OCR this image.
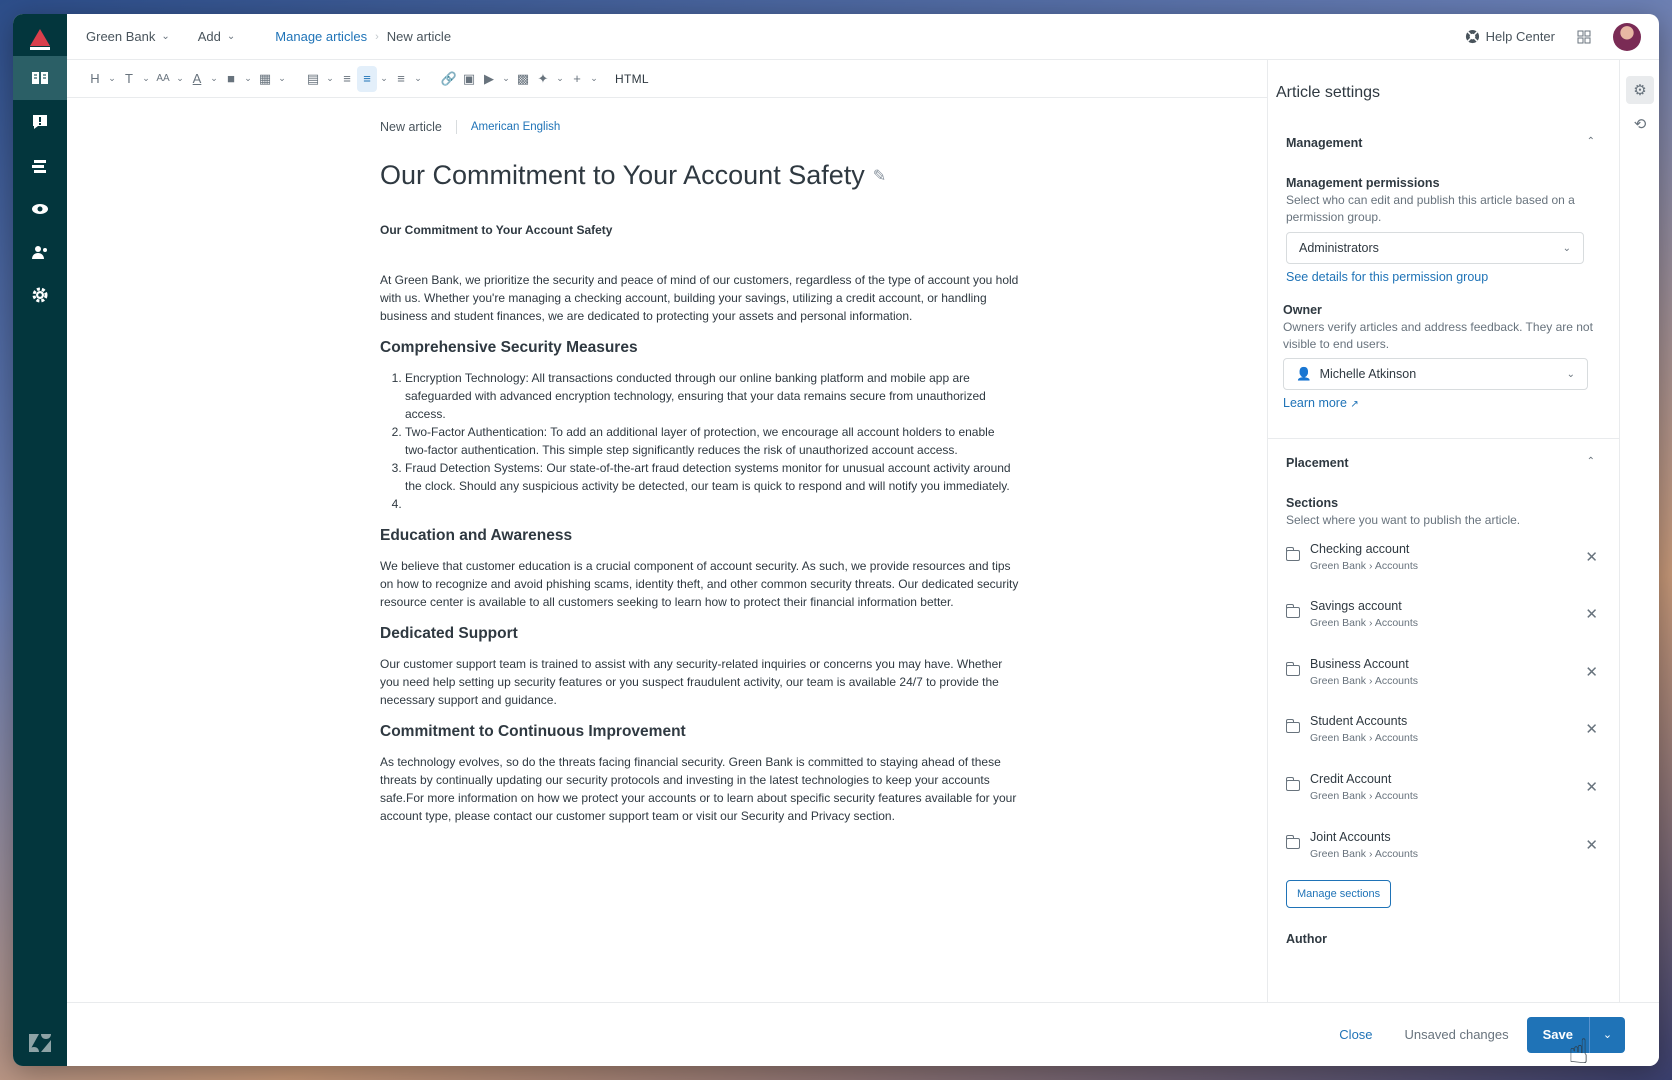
Green Bank ⌄ Add ⌄	Manage articles › New article	Help Center
H ⌄ T	⌄ AA ⌄ A ⌄ ■	⌄ ▦ ⌄ ▤ ⌄ ≡ ≡	⌄ ≡	⌄ 🔗 ▣ ▶ ⌄ ▩ ✦ ⌄ +	⌄ HTML
New article	American English
Our Commitment to Your Account Safety ✎

Our Commitment to Your Account Safety

At Green Bank, we prioritize the security and peace of mind of our customers, regardless of the type of account you hold with us. Whether you're managing a checking account, building your savings, utilizing a credit account, or handling business and student finances, we are dedicated to protecting your assets and personal information.

Comprehensive Security Measures
1. Encryption Technology: All transactions conducted through our online banking platform and mobile app are safeguarded with advanced encryption technology, ensuring that your data remains secure from unauthorized access.
2. Two-Factor Authentication: To add an additional layer of protection, we encourage all account holders to enable two-factor authentication. This simple step significantly reduces the risk of unauthorized account access.
3. Fraud Detection Systems: Our state-of-the-art fraud detection systems monitor for unusual account activity around the clock. Should any suspicious activity be detected, our team is quick to respond and will notify you immediately.
4.
Education and Awareness

We believe that customer education is a crucial component of account security. As such, we provide resources and tips on how to recognize and avoid phishing scams, identity theft, and other common security threats. Our dedicated security resource center is available to all customers seeking to learn how to protect their financial information better.

Dedicated Support

Our customer support team is trained to assist with any security-related inquiries or concerns you may have. Whether you need help setting up security features or you suspect fraudulent activity, our team is available 24/7 to provide the necessary support and guidance.

Commitment to Continuous Improvement

As technology evolves, so do the threats facing financial security. Green Bank is committed to staying ahead of these threats by continually updating our security protocols and investing in the latest technologies to keep your accounts safe.For more information on how we protect your accounts or to learn about specific security features available for your account type, please contact our customer support team or visit our Security and Privacy section.

Article settings
Management	⌃
Management permissions
Select who can edit and publish this article based on a permission group.
Administrators	⌄
See details for this permission group
Owner
Owners verify articles and address feedback. They are not visible to end users.
👤 Michelle Atkinson	⌄
Learn more ↗
Placement	⌃
Sections
Select where you want to publish the article.
Checking account
Green Bank › Accounts	✕
Savings account
Green Bank › Accounts	✕
Business Account
Green Bank › Accounts	✕
Student Accounts
Green Bank › Accounts	✕
Credit Account
Green Bank › Accounts	✕
Joint Accounts
Green Bank › Accounts	✕
Manage sections
Author
⚙
⟲
Close Unsaved changes	Save	⌄
☝
